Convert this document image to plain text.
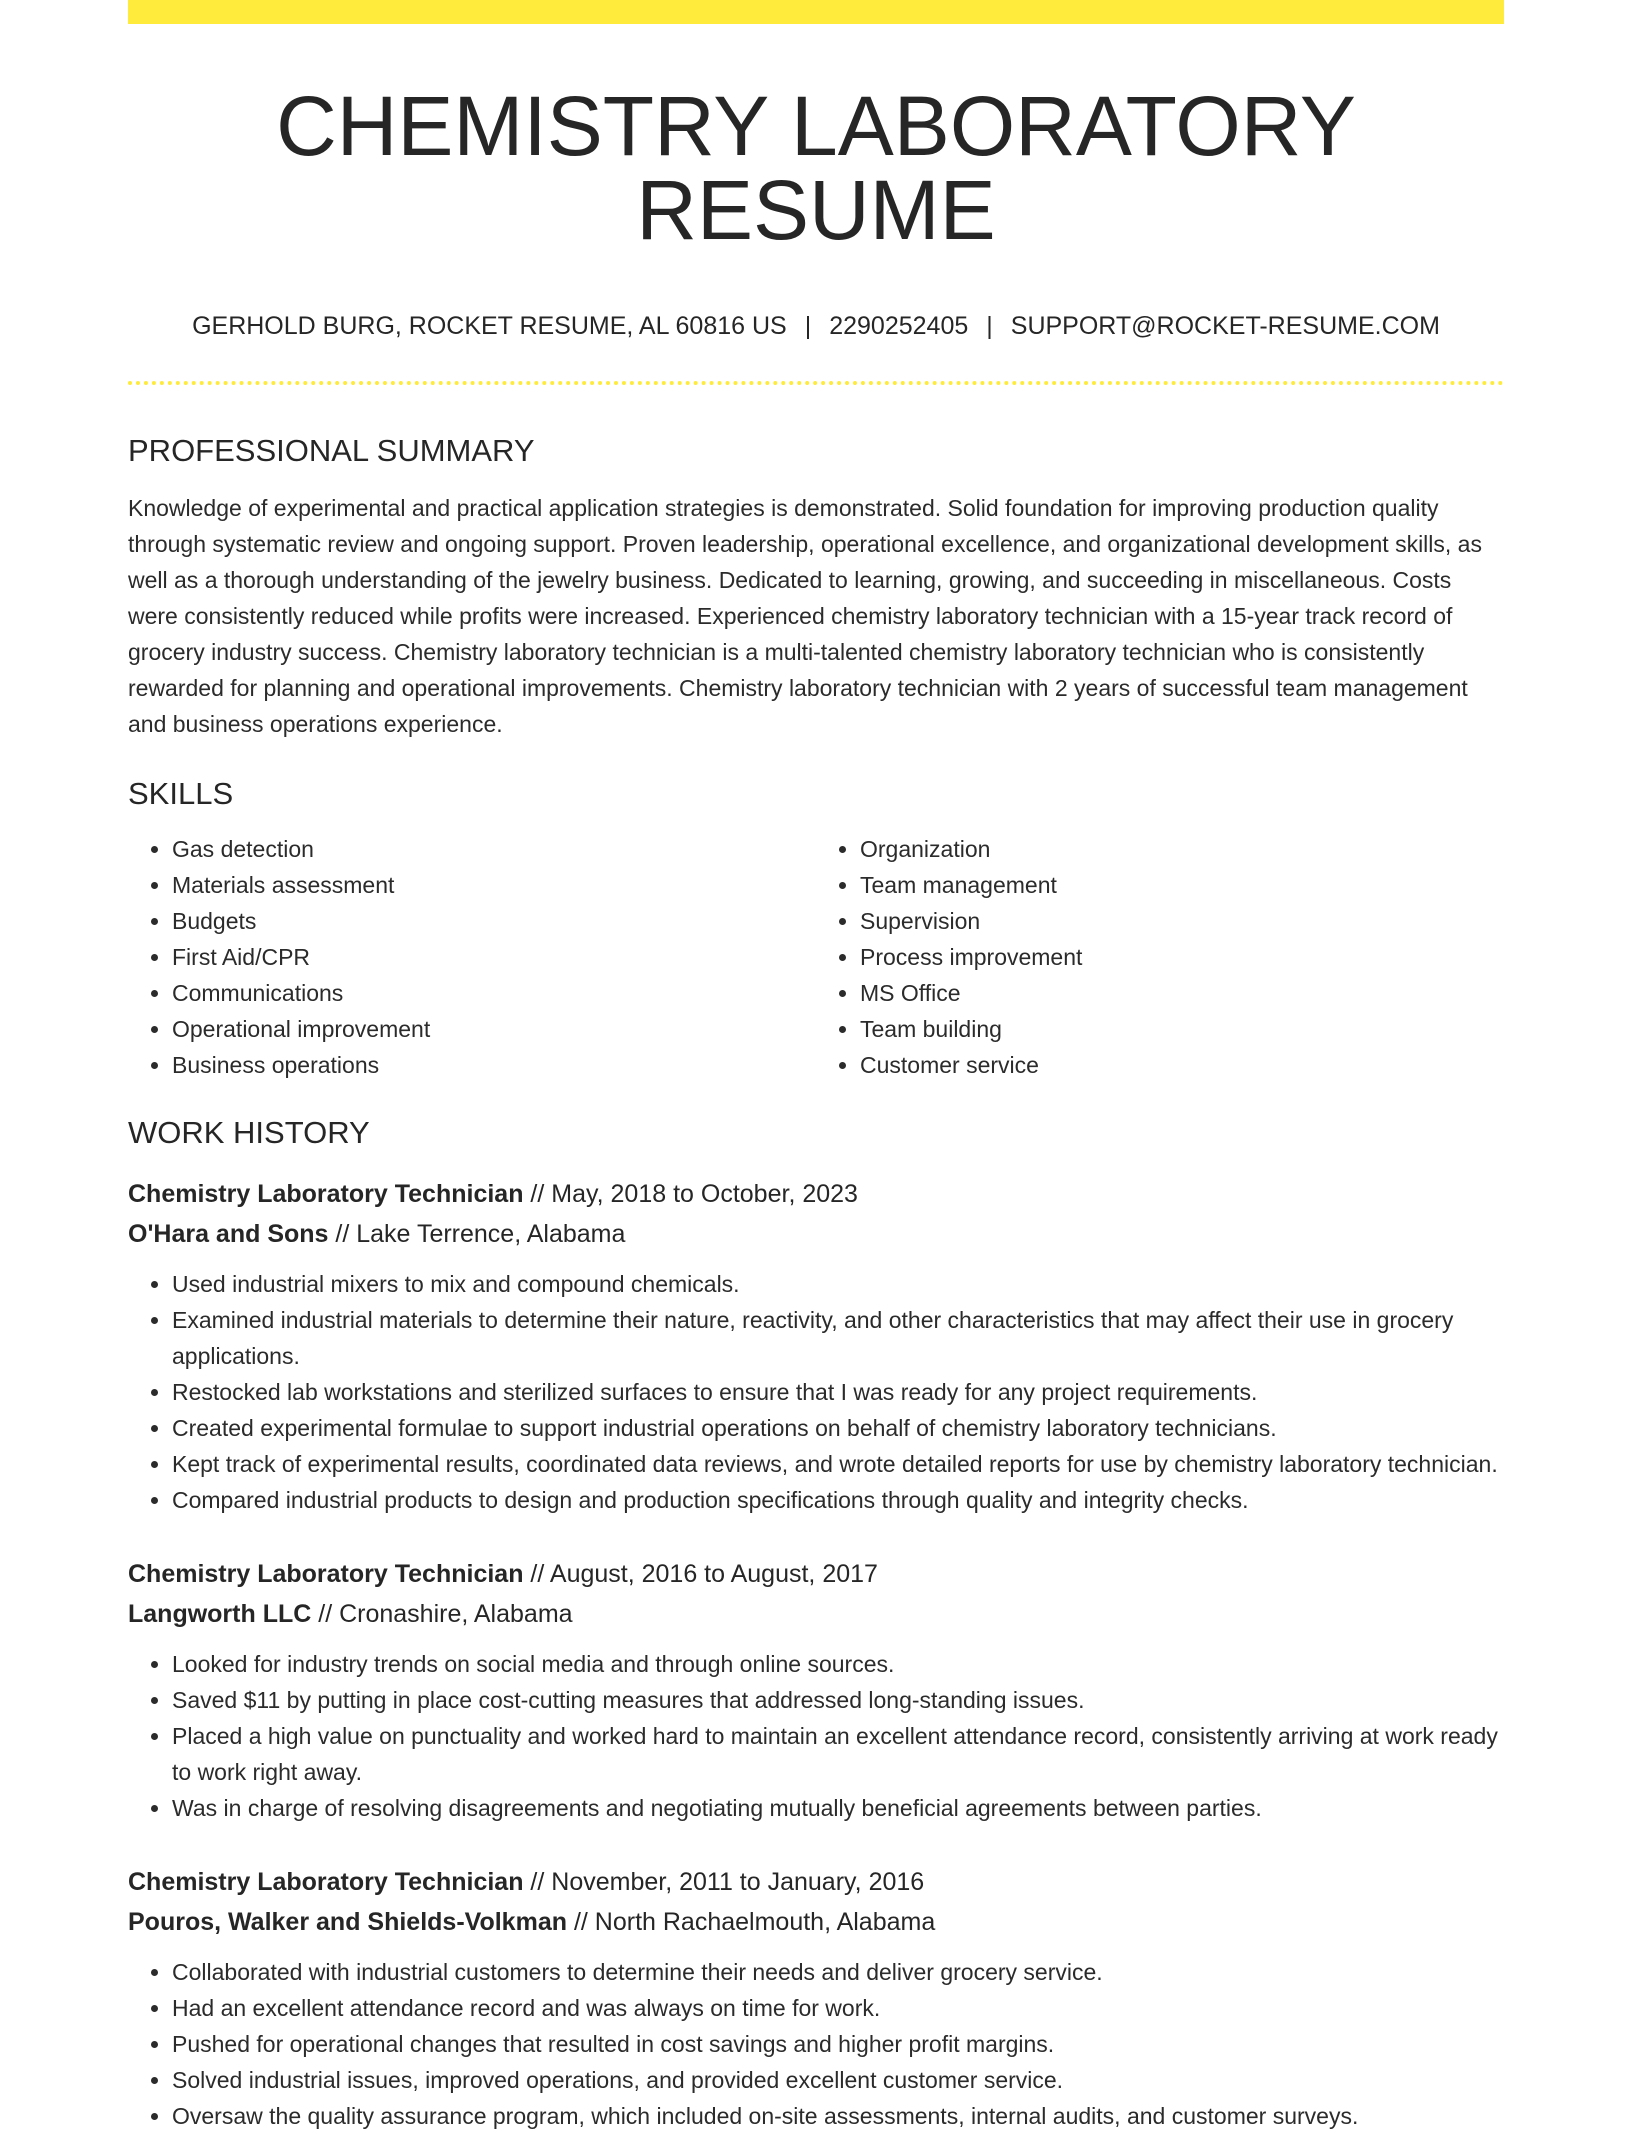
CHEMISTRY LABORATORY RESUME
GERHOLD BURG, ROCKET RESUME, AL 60816 US | 2290252405 | SUPPORT@ROCKET-RESUME.COM
PROFESSIONAL SUMMARY

Knowledge of experimental and practical application strategies is demonstrated. Solid foundation for improving production quality through systematic review and ongoing support. Proven leadership, operational excellence, and organizational development skills, as well as a thorough understanding of the jewelry business. Dedicated to learning, growing, and succeeding in miscellaneous. Costs were consistently reduced while profits were increased. Experienced chemistry laboratory technician with a 15-year track record of grocery industry success. Chemistry laboratory technician is a multi-talented chemistry laboratory technician who is consistently rewarded for planning and operational improvements. Chemistry laboratory technician with 2 years of successful team management and business operations experience.

SKILLS
• Gas detection
• Materials assessment
• Budgets
• First Aid/CPR
• Communications
• Operational improvement
• Business operations
• Organization
• Team management
• Supervision
• Process improvement
• MS Office
• Team building
• Customer service
WORK HISTORY
Chemistry Laboratory Technician // May, 2018 to October, 2023
O'Hara and Sons // Lake Terrence, Alabama
• Used industrial mixers to mix and compound chemicals.
• Examined industrial materials to determine their nature, reactivity, and other characteristics that may affect their use in grocery applications.
• Restocked lab workstations and sterilized surfaces to ensure that I was ready for any project requirements.
• Created experimental formulae to support industrial operations on behalf of chemistry laboratory technicians.
• Kept track of experimental results, coordinated data reviews, and wrote detailed reports for use by chemistry laboratory technician.
• Compared industrial products to design and production specifications through quality and integrity checks.
Chemistry Laboratory Technician // August, 2016 to August, 2017
Langworth LLC // Cronashire, Alabama
• Looked for industry trends on social media and through online sources.
• Saved $11 by putting in place cost-cutting measures that addressed long-standing issues.
• Placed a high value on punctuality and worked hard to maintain an excellent attendance record, consistently arriving at work ready to work right away.
• Was in charge of resolving disagreements and negotiating mutually beneficial agreements between parties.
Chemistry Laboratory Technician // November, 2011 to January, 2016
Pouros, Walker and Shields-Volkman // North Rachaelmouth, Alabama
• Collaborated with industrial customers to determine their needs and deliver grocery service.
• Had an excellent attendance record and was always on time for work.
• Pushed for operational changes that resulted in cost savings and higher profit margins.
• Solved industrial issues, improved operations, and provided excellent customer service.
• Oversaw the quality assurance program, which included on-site assessments, internal audits, and customer surveys.
